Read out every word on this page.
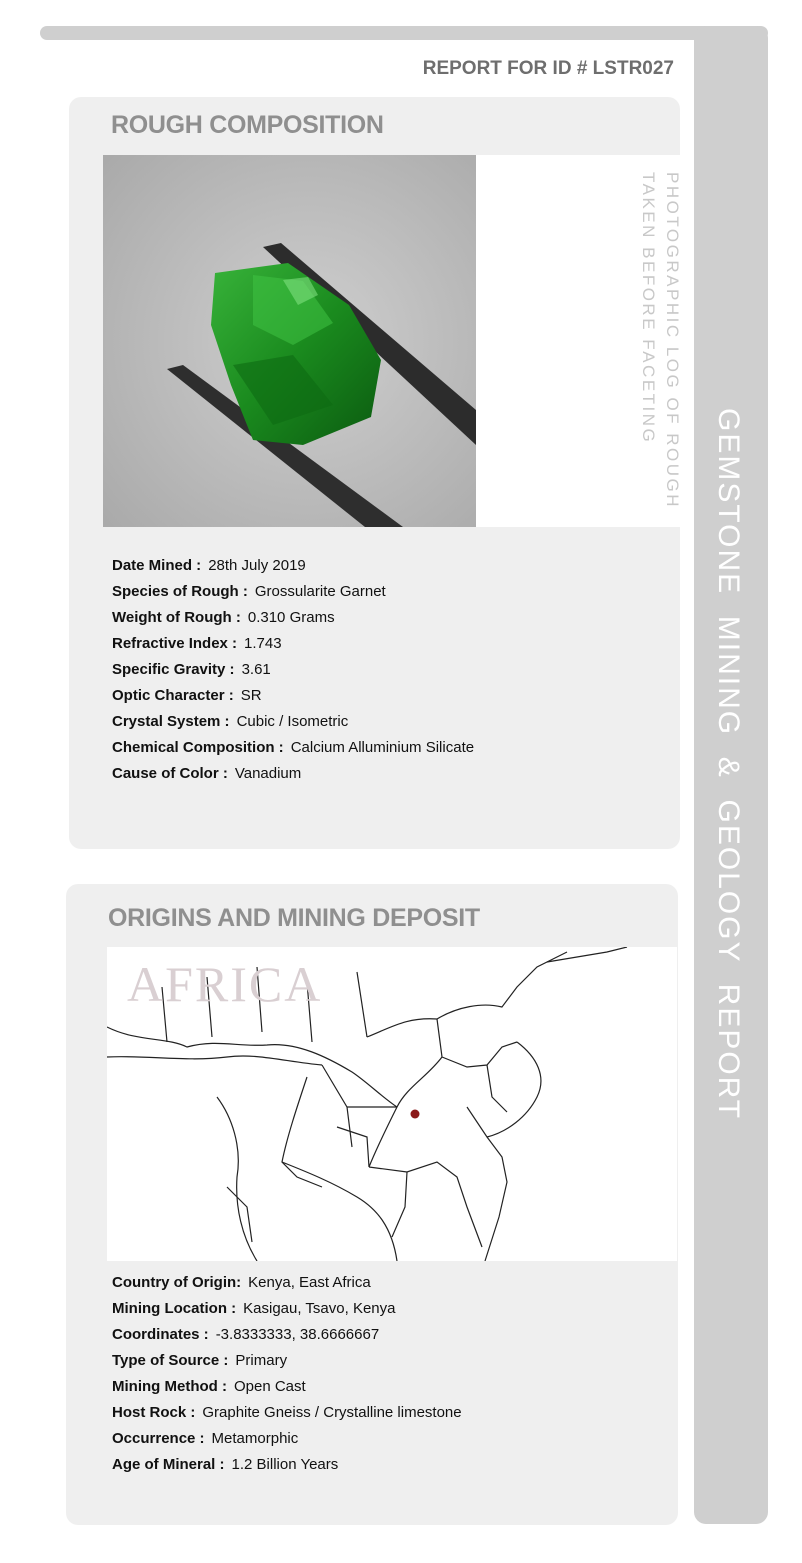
GEMSTONE  MINING  &  GEOLOGY  REPORT
REPORT FOR ID # LSTR027
ROUGH COMPOSITION
PHOTOGRAPHIC LOG OF ROUGH
TAKEN BEFORE FACETING
Date Mined : 28th July 2019
Species of Rough : Grossularite Garnet
Weight of Rough : 0.310 Grams
Refractive Index : 1.743
Specific Gravity : 3.61
Optic Character : SR
Crystal System : Cubic / Isometric
Chemical Composition : Calcium Alluminium Silicate
Cause of Color : Vanadium
ORIGINS AND MINING DEPOSIT
AFRICA
Country of Origin: Kenya, East Africa
Mining Location : Kasigau, Tsavo, Kenya
Coordinates : -3.8333333, 38.6666667
Type of Source : Primary
Mining Method : Open Cast
Host Rock : Graphite Gneiss / Crystalline limestone
Occurrence : Metamorphic
Age of Mineral : 1.2 Billion Years
